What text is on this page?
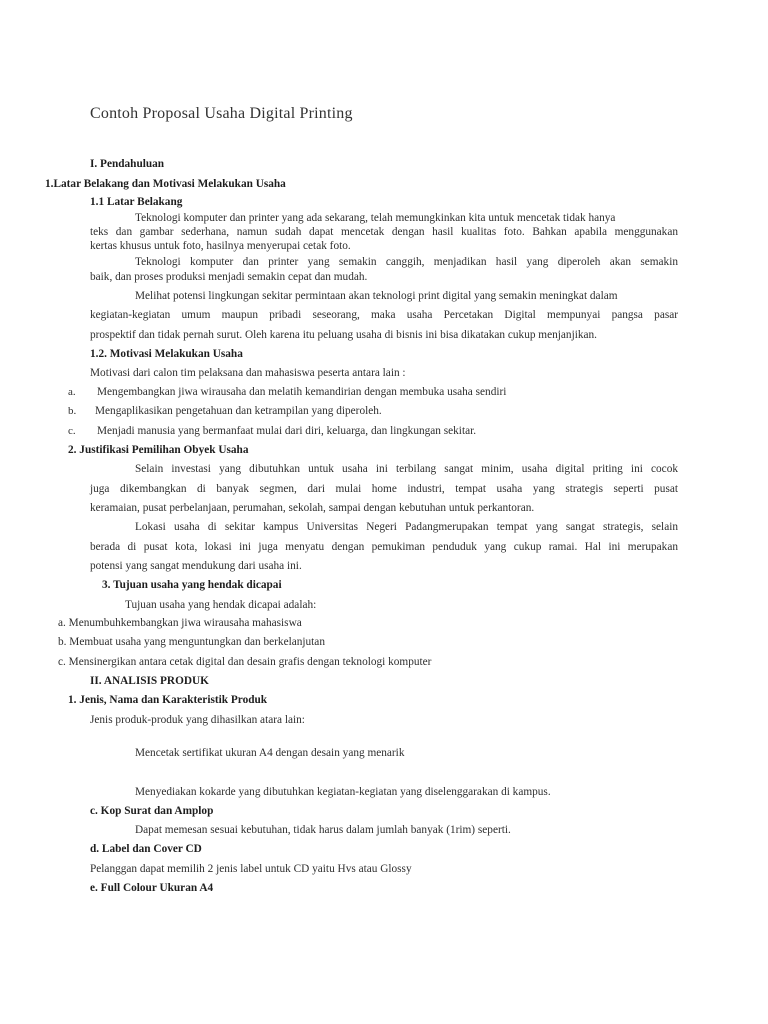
Contoh Proposal Usaha Digital Printing
I. Pendahuluan
1.Latar Belakang dan Motivasi Melakukan Usaha
1.1 Latar Belakang
Teknologi komputer dan printer yang ada sekarang, telah memungkinkan kita untuk mencetak tidak hanya
teks dan gambar sederhana, namun sudah dapat mencetak dengan hasil kualitas foto. Bahkan apabila menggunakan
kertas khusus untuk foto, hasilnya menyerupai cetak foto.
Teknologi komputer dan printer yang semakin canggih, menjadikan hasil yang diperoleh akan semakin
baik, dan proses produksi menjadi semakin cepat dan mudah.
Melihat potensi lingkungan sekitar permintaan akan teknologi print digital yang semakin meningkat dalam
kegiatan-kegiatan umum maupun pribadi seseorang, maka usaha Percetakan Digital mempunyai pangsa pasar
prospektif dan tidak pernah surut. Oleh karena itu peluang usaha di bisnis ini bisa dikatakan cukup menjanjikan.
1.2. Motivasi Melakukan Usaha
Motivasi dari calon tim pelaksana dan mahasiswa peserta antara lain :
a. Mengembangkan jiwa wirausaha dan melatih kemandirian dengan membuka usaha sendiri
b. Mengaplikasikan pengetahuan dan ketrampilan yang diperoleh.
c. Menjadi manusia yang bermanfaat mulai dari diri, keluarga, dan lingkungan sekitar.
2. Justifikasi Pemilihan Obyek Usaha
Selain investasi yang dibutuhkan untuk usaha ini terbilang sangat minim, usaha digital priting ini cocok
juga dikembangkan di banyak segmen, dari mulai home industri, tempat usaha yang strategis seperti pusat
keramaian, pusat perbelanjaan, perumahan, sekolah, sampai dengan kebutuhan untuk perkantoran.
Lokasi usaha di sekitar kampus Universitas Negeri Padangmerupakan tempat yang sangat strategis, selain
berada di pusat kota, lokasi ini juga menyatu dengan pemukiman penduduk yang cukup ramai. Hal ini merupakan
potensi yang sangat mendukung dari usaha ini.
3. Tujuan usaha yang hendak dicapai
Tujuan usaha yang hendak dicapai adalah:
a. Menumbuhkembangkan jiwa wirausaha mahasiswa
b. Membuat usaha yang menguntungkan dan berkelanjutan
c. Mensinergikan antara cetak digital dan desain grafis dengan teknologi komputer
II. ANALISIS PRODUK
1. Jenis, Nama dan Karakteristik Produk
Jenis produk-produk yang dihasilkan atara lain:
Mencetak sertifikat ukuran A4 dengan desain yang menarik
Menyediakan kokarde yang dibutuhkan kegiatan-kegiatan yang diselenggarakan di kampus.
c. Kop Surat dan Amplop
Dapat memesan sesuai kebutuhan, tidak harus dalam jumlah banyak (1rim) seperti.
d. Label dan Cover CD
Pelanggan dapat memilih 2 jenis label untuk CD yaitu Hvs atau Glossy
e. Full Colour Ukuran A4
